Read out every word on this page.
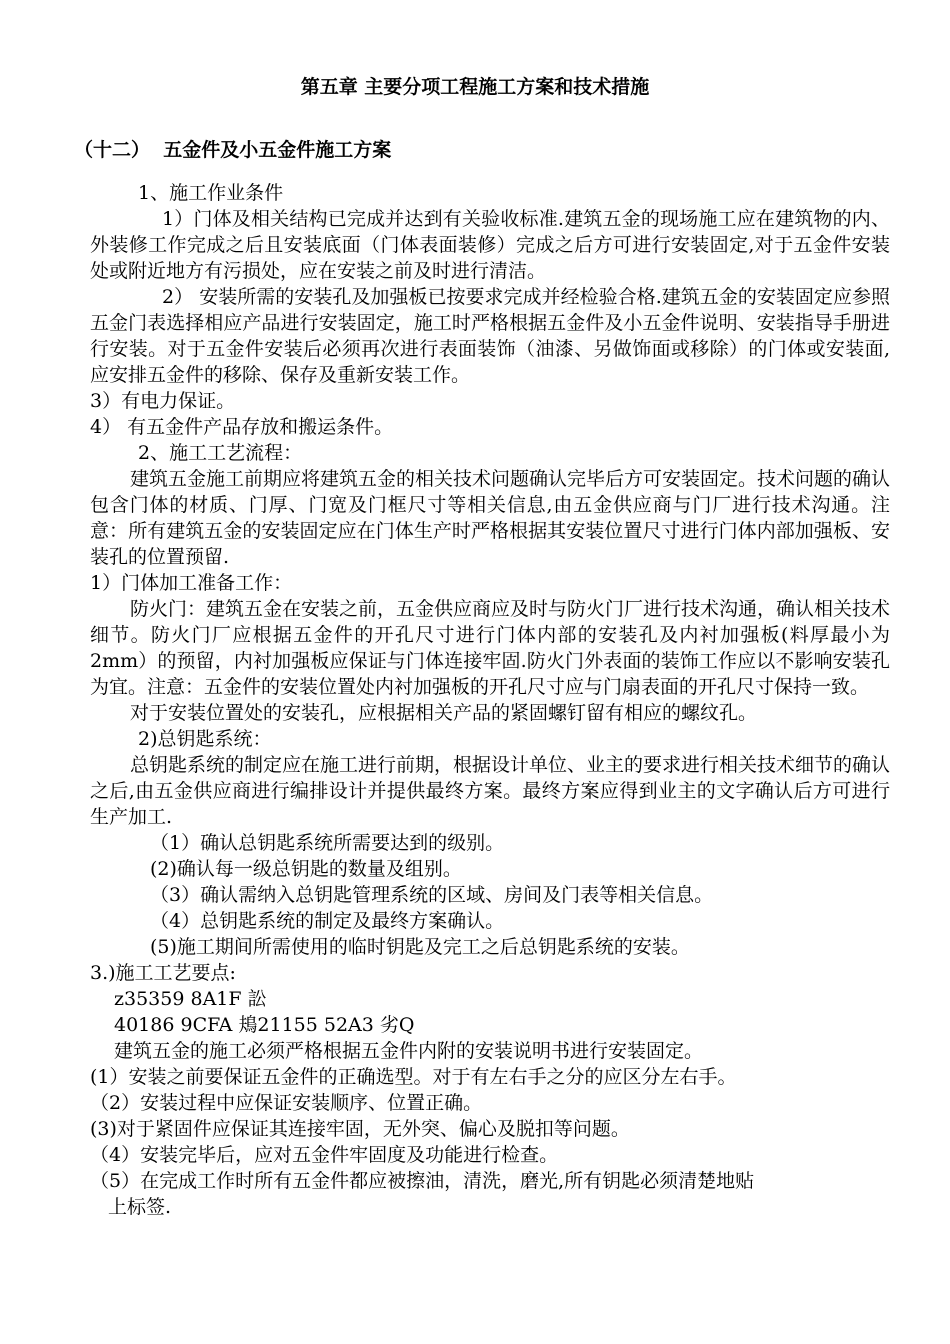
第五章 主要分项工程施工方案和技术措施
（十二）  五金件及小五金件施工方案

1、施工作业条件

1）门体及相关结构已完成并达到有关验收标准.建筑五金的现场施工应在建筑物的内、外装修工作完成之后且安装底面（门体表面装修）完成之后方可进行安装固定,对于五金件安装处或附近地方有污损处，应在安装之前及时进行清洁。

2） 安装所需的安装孔及加强板已按要求完成并经检验合格.建筑五金的安装固定应参照五金门表选择相应产品进行安装固定，施工时严格根据五金件及小五金件说明、安装指导手册进行安装。对于五金件安装后必须再次进行表面装饰（油漆、另做饰面或移除）的门体或安装面,应安排五金件的移除、保存及重新安装工作。

3）有电力保证。

4） 有五金件产品存放和搬运条件。

2、施工工艺流程：

建筑五金施工前期应将建筑五金的相关技术问题确认完毕后方可安装固定。技术问题的确认包含门体的材质、门厚、门宽及门框尺寸等相关信息,由五金供应商与门厂进行技术沟通。注意：所有建筑五金的安装固定应在门体生产时严格根据其安装位置尺寸进行门体内部加强板、安装孔的位置预留.

1）门体加工准备工作：

防火门：建筑五金在安装之前，五金供应商应及时与防火门厂进行技术沟通，确认相关技术细节。防火门厂应根据五金件的开孔尺寸进行门体内部的安装孔及内衬加强板(料厚最小为2mm）的预留，内衬加强板应保证与门体连接牢固.防火门外表面的装饰工作应以不影响安装孔为宜。注意：五金件的安装位置处内衬加强板的开孔尺寸应与门扇表面的开孔尺寸保持一致。

对于安装位置处的安装孔，应根据相关产品的紧固螺钉留有相应的螺纹孔。

2)总钥匙系统：

总钥匙系统的制定应在施工进行前期，根据设计单位、业主的要求进行相关技术细节的确认之后,由五金供应商进行编排设计并提供最终方案。最终方案应得到业主的文字确认后方可进行生产加工.

（1）确认总钥匙系统所需要达到的级别。

(2)确认每一级总钥匙的数量及组别。

（3）确认需纳入总钥匙管理系统的区域、房间及门表等相关信息。

（4）总钥匙系统的制定及最终方案确认。

(5)施工期间所需使用的临时钥匙及完工之后总钥匙系统的安装。

3.)施工工艺要点:

z35359 8A1F 訟

40186 9CFA 鳺21155 52A3 劣Q

建筑五金的施工必须严格根据五金件内附的安装说明书进行安装固定。

(1）安装之前要保证五金件的正确选型。对于有左右手之分的应区分左右手。

（2）安装过程中应保证安装顺序、位置正确。

(3)对于紧固件应保证其连接牢固，无外突、偏心及脱扣等问题。

（4）安装完毕后，应对五金件牢固度及功能进行检查。

（5）在完成工作时所有五金件都应被擦油，清洗，磨光,所有钥匙必须清楚地贴

上标签.
